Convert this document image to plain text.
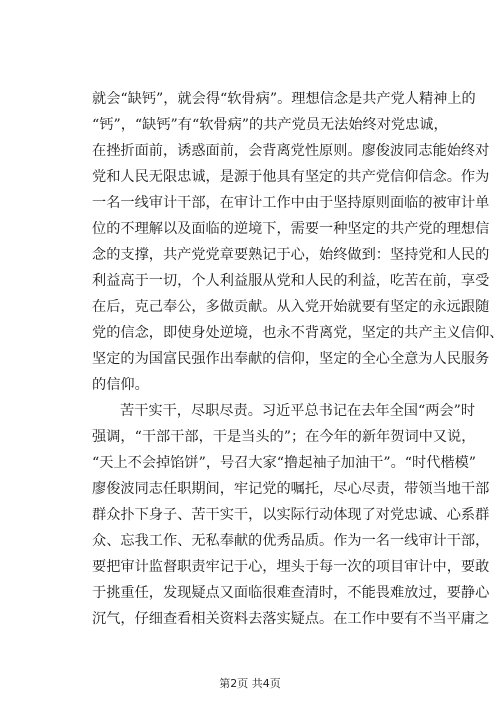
就会“缺钙”，就会得“软骨病”。理想信念是共产党人精神上的
“钙”，“缺钙”有“软骨病”的共产党员无法始终对党忠诚，
在挫折面前，诱惑面前，会背离党性原则。廖俊波同志能始终对
党和人民无限忠诚，是源于他具有坚定的共产党信仰信念。作为
一名一线审计干部，在审计工作中由于坚持原则面临的被审计单
位的不理解以及面临的逆境下，需要一种坚定的共产党的理想信
念的支撑，共产党党章要熟记于心，始终做到：坚持党和人民的
利益高于一切，个人利益服从党和人民的利益，吃苦在前，享受
在后，克己奉公，多做贡献。从入党开始就要有坚定的永远跟随
党的信念，即使身处逆境，也永不背离党，坚定的共产主义信仰、
坚定的为国富民强作出奉献的信仰，坚定的全心全意为人民服务
的信仰。
苦干实干，尽职尽责。习近平总书记在去年全国“两会”时
强调，“干部干部，干是当头的”；在今年的新年贺词中又说，
“天上不会掉馅饼”，号召大家“撸起袖子加油干”。“时代楷模”
廖俊波同志任职期间，牢记党的嘱托，尽心尽责，带领当地干部
群众扑下身子、苦干实干，以实际行动体现了对党忠诚、心系群
众、忘我工作、无私奉献的优秀品质。作为一名一线审计干部，
要把审计监督职责牢记于心，埋头于每一次的项目审计中，要敢
于挑重任，发现疑点又面临很难查清时，不能畏难放过，要静心
沉气，仔细查看相关资料去落实疑点。在工作中要有不当平庸之
第2页 共4页
